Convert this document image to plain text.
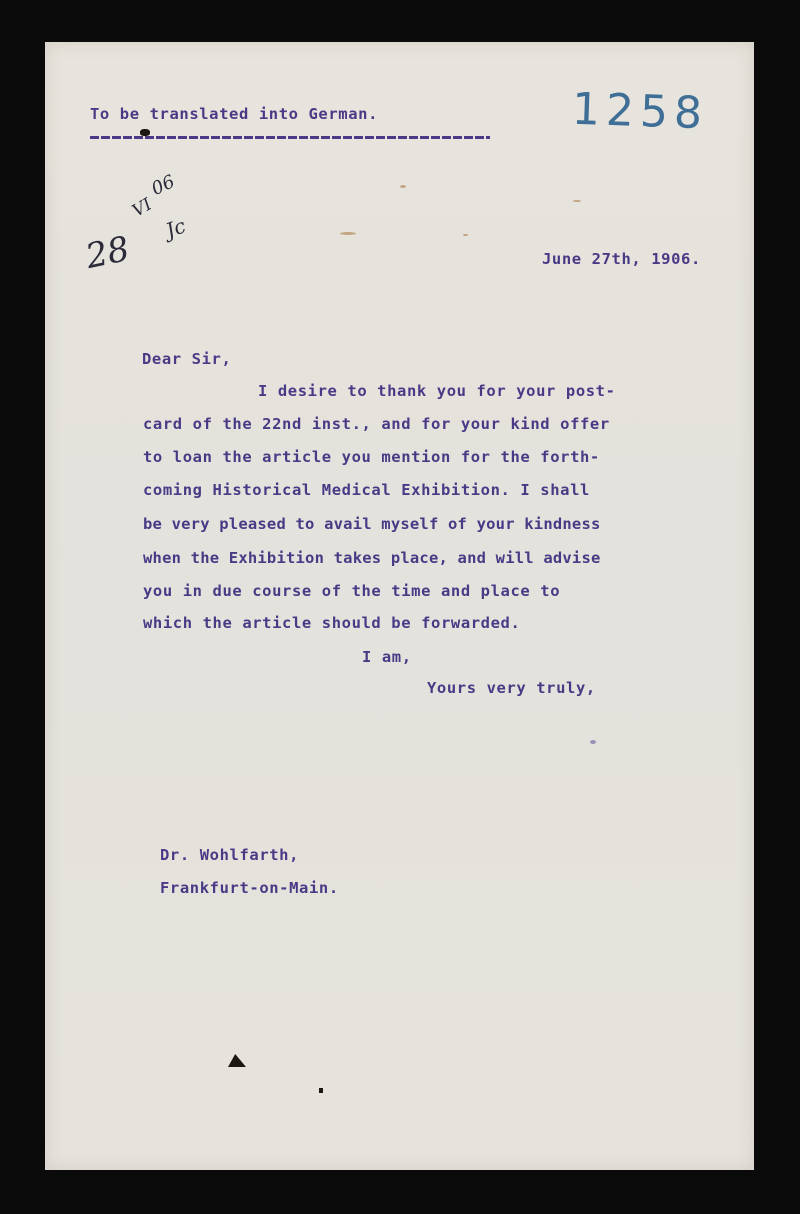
To be translated into German.	1258
28
VI
06
Jc
June 27th, 1906.
Dear Sir,
I desire to thank you for your post-
card of the 22nd inst., and for your kind offer
to loan the article you mention for the forth-
coming Historical Medical Exhibition. I shall
be very pleased to avail myself of your kindness
when the Exhibition takes place, and will advise
you in due course of the time and place to
which the article should be forwarded.
I am,
Yours very truly,
Dr. Wohlfarth,
Frankfurt-on-Main.
